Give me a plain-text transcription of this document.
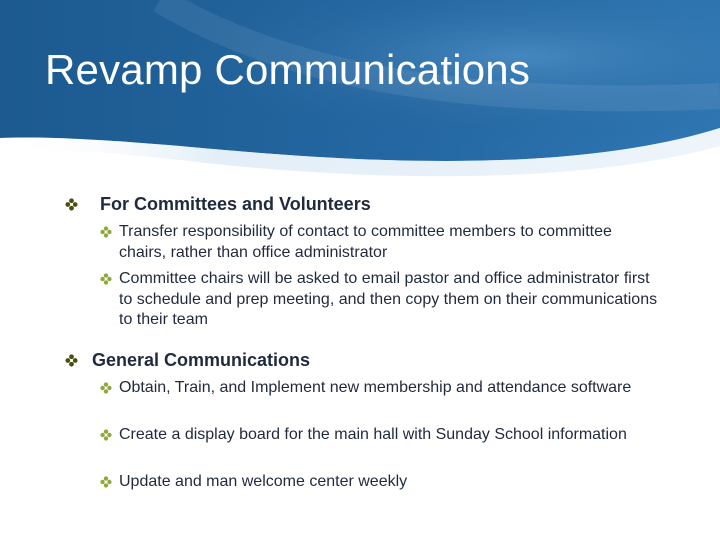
Revamp Communications
For Committees and Volunteers
Transfer responsibility of contact to committee members to committee chairs, rather than office administrator
Committee chairs will be asked to email pastor and office administrator first to schedule and prep meeting, and then copy them on their communications to their team
General Communications
Obtain, Train, and Implement new membership and attendance software
Create a display board for the main hall with Sunday School information
Update and man welcome center weekly
